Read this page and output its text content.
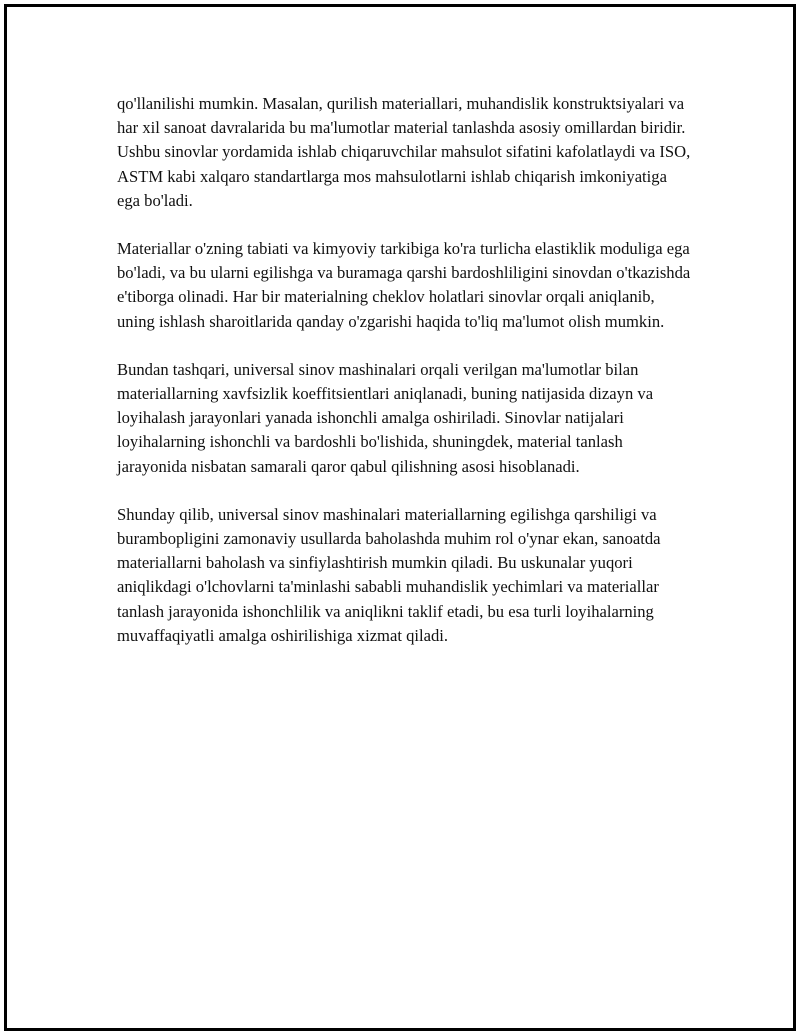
qo'llanilishi mumkin. Masalan, qurilish materiallari, muhandislik konstruktsiyalari va har xil sanoat davralarida bu ma'lumotlar material tanlashda asosiy omillardan biridir. Ushbu sinovlar yordamida ishlab chiqaruvchilar mahsulot sifatini kafolatlaydi va ISO, ASTM kabi xalqaro standartlarga mos mahsulotlarni ishlab chiqarish imkoniyatiga ega bo'ladi.

Materiallar o'zning tabiati va kimyoviy tarkibiga ko'ra turlicha elastiklik moduliga ega bo'ladi, va bu ularni egilishga va buramaga qarshi bardoshliligini sinovdan o'tkazishda e'tiborga olinadi. Har bir materialning cheklov holatlari sinovlar orqali aniqlanib, uning ishlash sharoitlarida qanday o'zgarishi haqida to'liq ma'lumot olish mumkin.

Bundan tashqari, universal sinov mashinalari orqali verilgan ma'lumotlar bilan materiallarning xavfsizlik koeffitsientlari aniqlanadi, buning natijasida dizayn va loyihalash jarayonlari yanada ishonchli amalga oshiriladi. Sinovlar natijalari loyihalarning ishonchli va bardoshli bo'lishida, shuningdek, material tanlash jarayonida nisbatan samarali qaror qabul qilishning asosi hisoblanadi.

Shunday qilib, universal sinov mashinalari materiallarning egilishga qarshiligi va burambopligini zamonaviy usullarda baholashda muhim rol o'ynar ekan, sanoatda materiallarni baholash va sinfiylashtirish mumkin qiladi. Bu uskunalar yuqori aniqlikdagi o'lchovlarni ta'minlashi sababli muhandislik yechimlari va materiallar tanlash jarayonida ishonchlilik va aniqlikni taklif etadi, bu esa turli loyihalarning muvaffaqiyatli amalga oshirilishiga xizmat qiladi.
